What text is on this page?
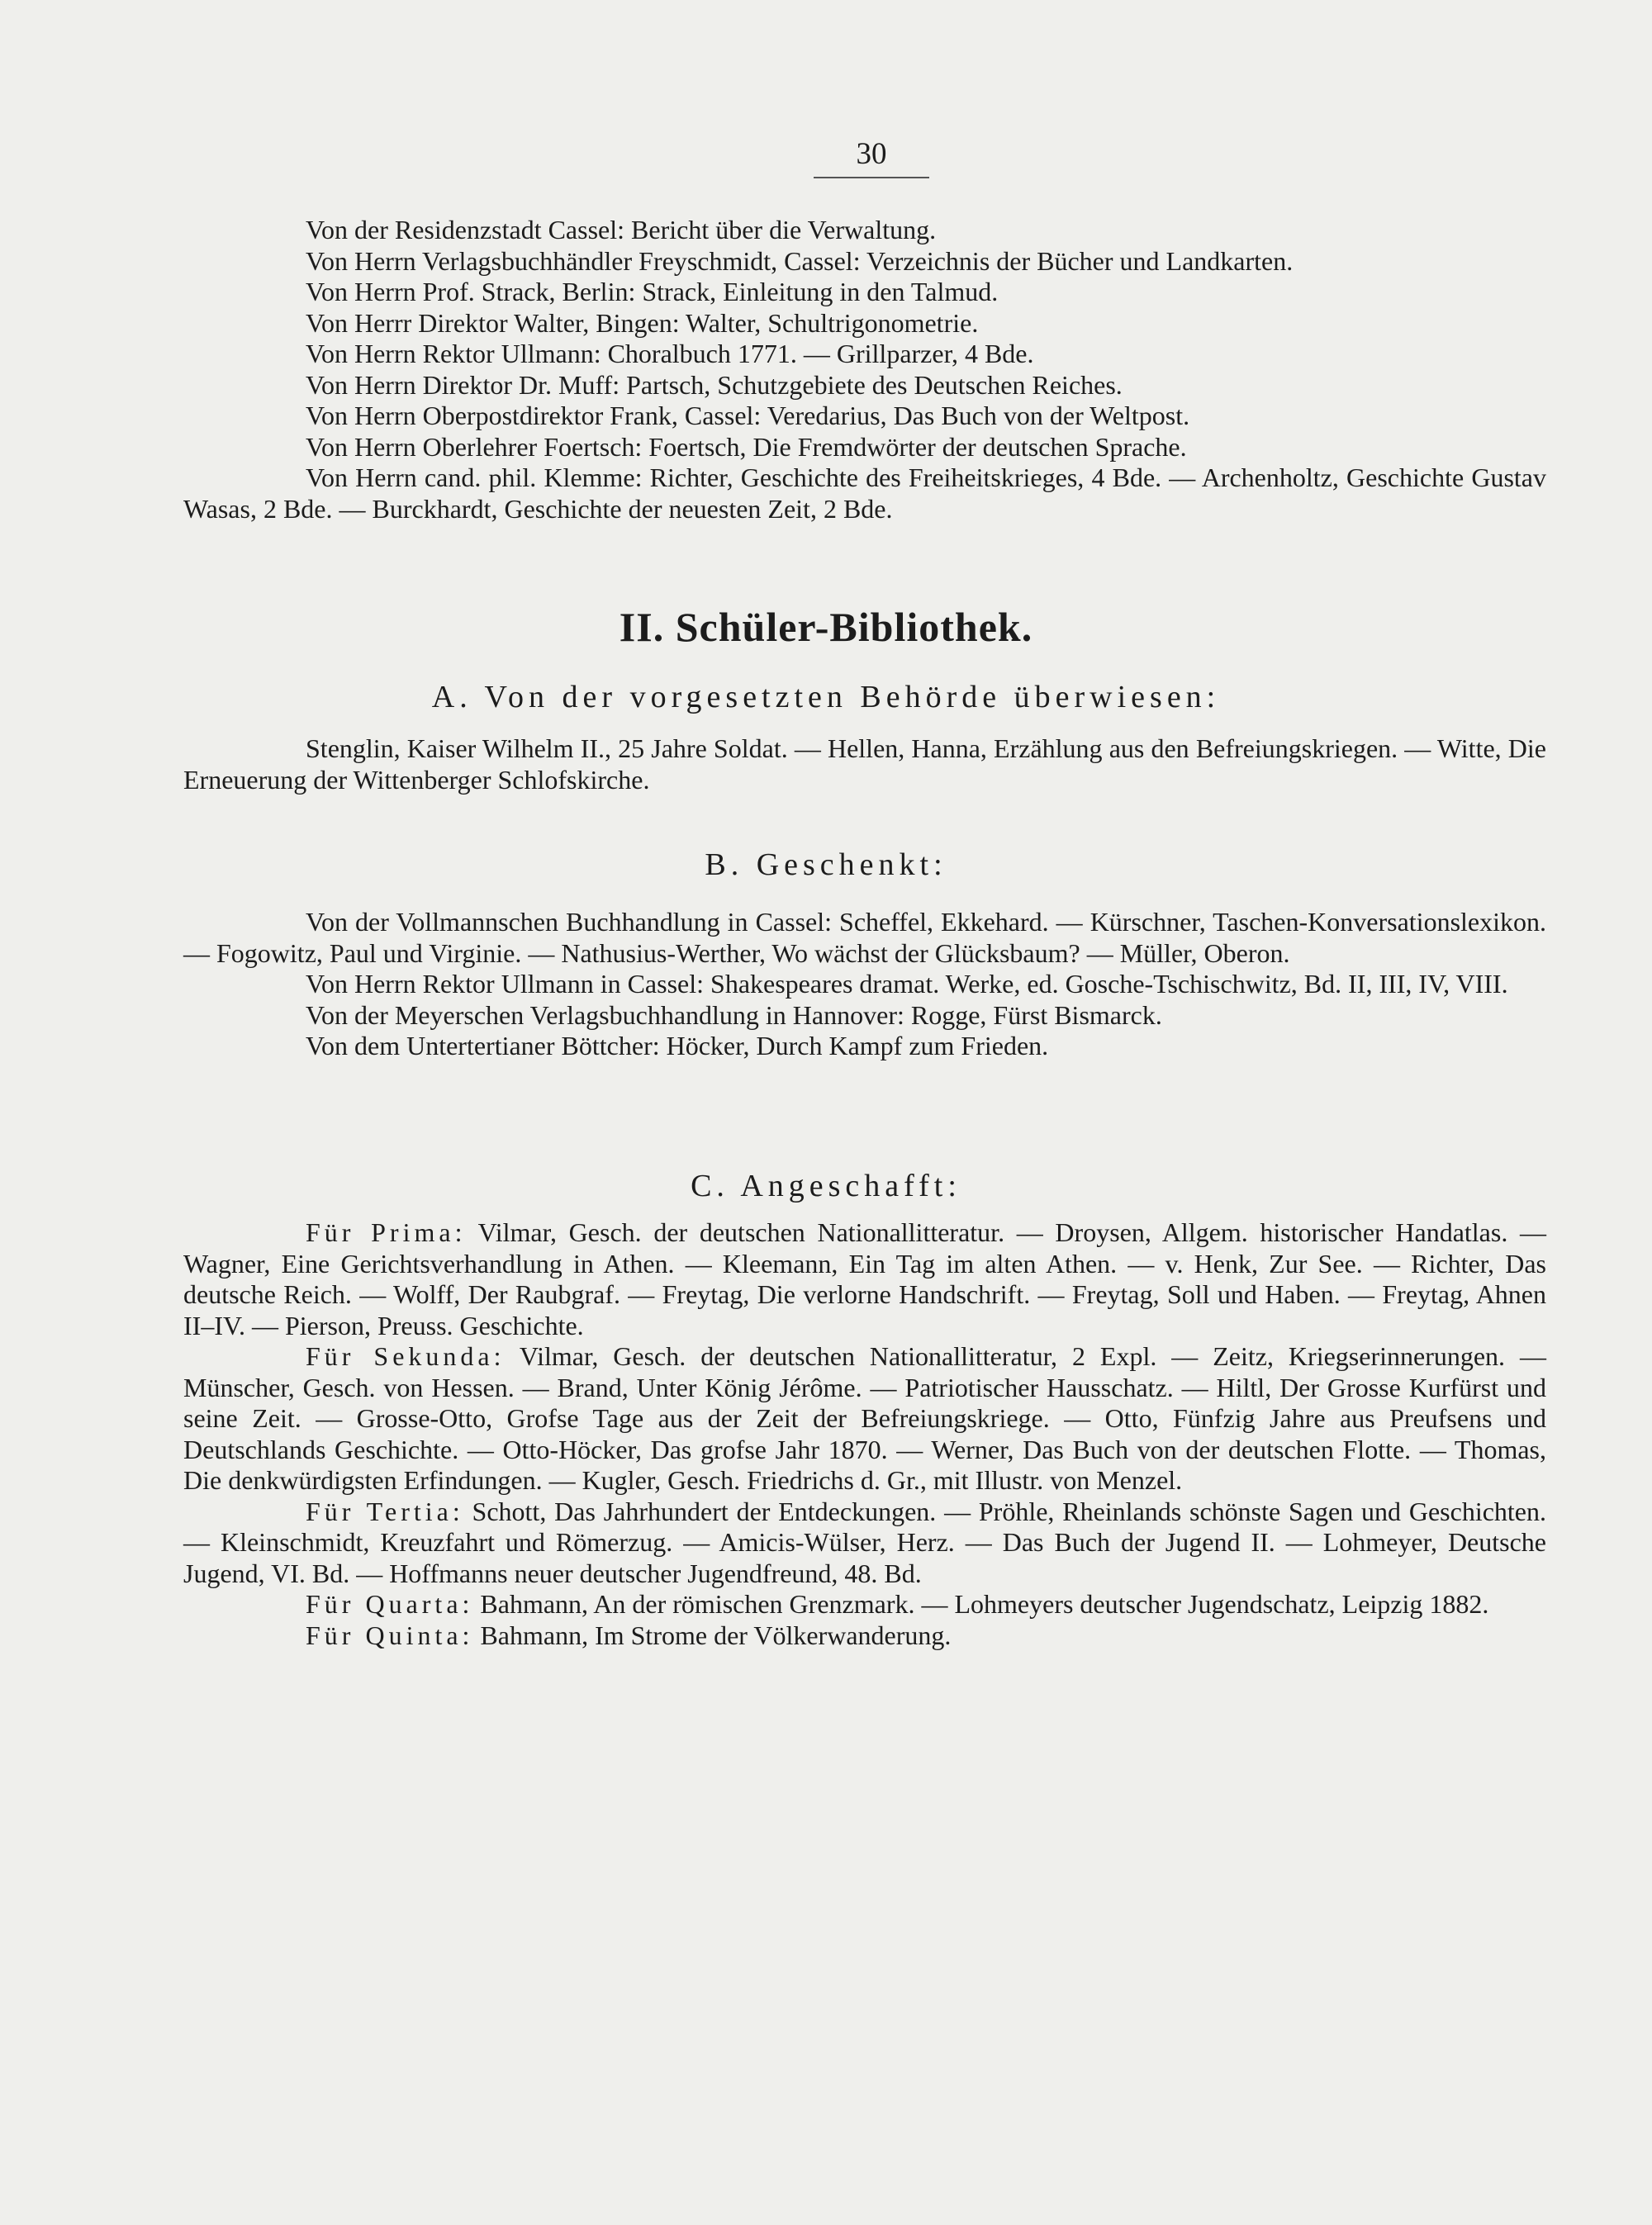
30

Von der Residenzstadt Cassel: Bericht über die Verwaltung.

Von Herrn Verlagsbuchhändler Freyschmidt, Cassel: Verzeichnis der Bücher und Landkarten.

Von Herrn Prof. Strack, Berlin: Strack, Einleitung in den Talmud.

Von Herrr Direktor Walter, Bingen: Walter, Schultrigonometrie.

Von Herrn Rektor Ullmann: Choralbuch 1771. — Grillparzer, 4 Bde.

Von Herrn Direktor Dr. Muff: Partsch, Schutzgebiete des Deutschen Reiches.

Von Herrn Oberpostdirektor Frank, Cassel: Veredarius, Das Buch von der Weltpost.

Von Herrn Oberlehrer Foertsch: Foertsch, Die Fremdwörter der deutschen Sprache.

Von Herrn cand. phil. Klemme: Richter, Geschichte des Freiheitskrieges, 4 Bde. — Archenholtz, Geschichte Gustav Wasas, 2 Bde. — Burckhardt, Geschichte der neuesten Zeit, 2 Bde.

II. Schüler-Bibliothek.
A. Von der vorgesetzten Behörde überwiesen:

Stenglin, Kaiser Wilhelm II., 25 Jahre Soldat. — Hellen, Hanna, Erzählung aus den Befreiungskriegen. — Witte, Die Erneuerung der Wittenberger Schlofskirche.

B. Geschenkt:

Von der Vollmannschen Buchhandlung in Cassel: Scheffel, Ekkehard. — Kürschner, Taschen-Konversationslexikon. — Fogowitz, Paul und Virginie. — Nathusius-Werther, Wo wächst der Glücksbaum? — Müller, Oberon.

Von Herrn Rektor Ullmann in Cassel: Shakespeares dramat. Werke, ed. Gosche-Tschischwitz, Bd. II, III, IV, VIII.

Von der Meyerschen Verlagsbuchhandlung in Hannover: Rogge, Fürst Bismarck.

Von dem Untertertianer Böttcher: Höcker, Durch Kampf zum Frieden.

C. Angeschafft:

Für Prima: Vilmar, Gesch. der deutschen Nationallitteratur. — Droysen, Allgem. historischer Handatlas. — Wagner, Eine Gerichtsverhandlung in Athen. — Kleemann, Ein Tag im alten Athen. — v. Henk, Zur See. — Richter, Das deutsche Reich. — Wolff, Der Raubgraf. — Freytag, Die verlorne Handschrift. — Freytag, Soll und Haben. — Freytag, Ahnen II–IV. — Pierson, Preuss. Geschichte.

Für Sekunda: Vilmar, Gesch. der deutschen Nationallitteratur, 2 Expl. — Zeitz, Kriegserinnerungen. — Münscher, Gesch. von Hessen. — Brand, Unter König Jérôme. — Patriotischer Hausschatz. — Hiltl, Der Grosse Kurfürst und seine Zeit. — Grosse-Otto, Grofse Tage aus der Zeit der Befreiungskriege. — Otto, Fünfzig Jahre aus Preufsens und Deutschlands Geschichte. — Otto-Höcker, Das grofse Jahr 1870. — Werner, Das Buch von der deutschen Flotte. — Thomas, Die denkwürdigsten Erfindungen. — Kugler, Gesch. Friedrichs d. Gr., mit Illustr. von Menzel.

Für Tertia: Schott, Das Jahrhundert der Entdeckungen. — Pröhle, Rheinlands schönste Sagen und Geschichten. — Kleinschmidt, Kreuzfahrt und Römerzug. — Amicis-Wülser, Herz. — Das Buch der Jugend II. — Lohmeyer, Deutsche Jugend, VI. Bd. — Hoffmanns neuer deutscher Jugendfreund, 48. Bd.

Für Quarta: Bahmann, An der römischen Grenzmark. — Lohmeyers deutscher Jugendschatz, Leipzig 1882.

Für Quinta: Bahmann, Im Strome der Völkerwanderung.
